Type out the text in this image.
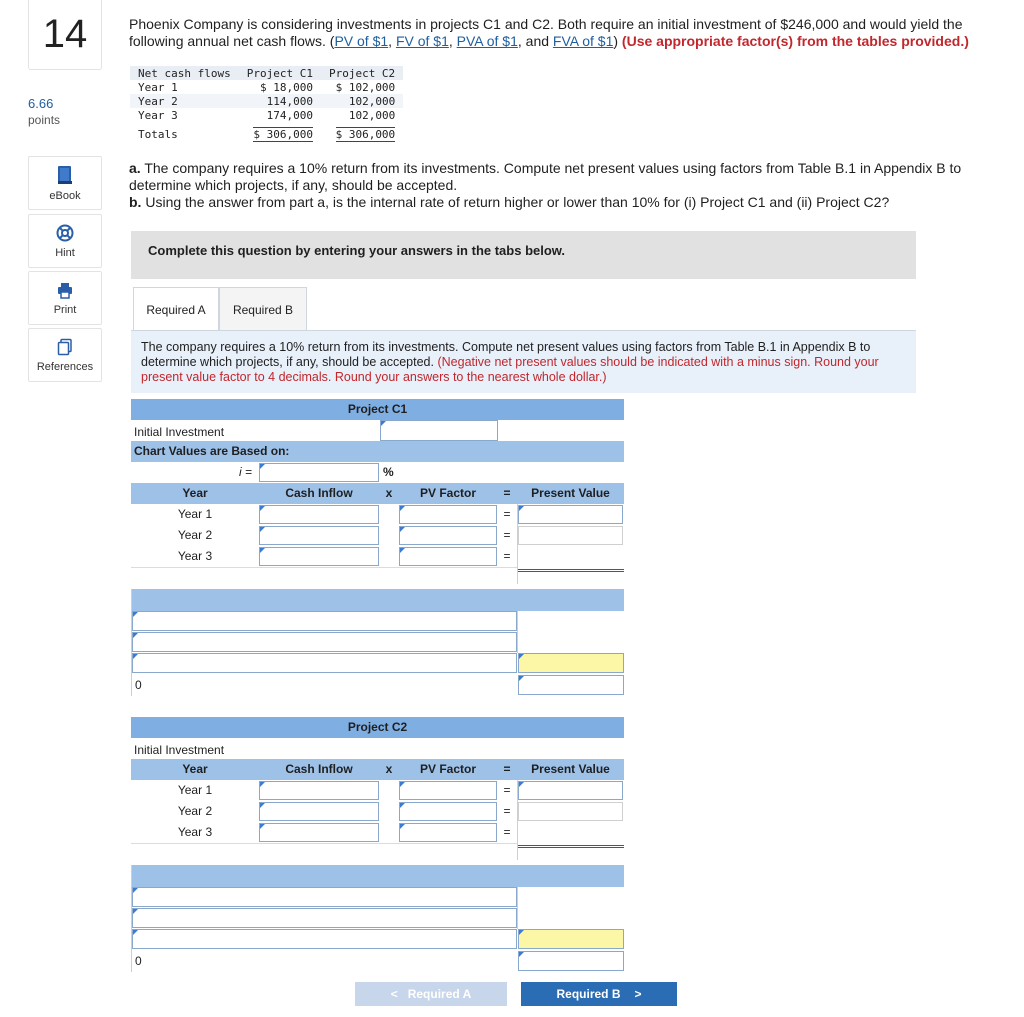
14
6.66
points
eBook
Hint
Print
References
Phoenix Company is considering investments in projects C1 and C2. Both require an initial investment of $246,000 and would yield the following annual net cash flows. (PV of $1, FV of $1, PVA of $1, and FVA of $1) (Use appropriate factor(s) from the tables provided.)
Net cash flows	Project C1	Project C2
Year 1	$ 18,000	$ 102,000
Year 2	114,000	102,000
Year 3	174,000	102,000
Totals	$ 306,000	$ 306,000
a. The company requires a 10% return from its investments. Compute net present values using factors from Table B.1 in Appendix B to determine which projects, if any, should be accepted.
b. Using the answer from part a, is the internal rate of return higher or lower than 10% for (i) Project C1 and (ii) Project C2?
Complete this question by entering your answers in the tabs below.
Required A	Required B
The company requires a 10% return from its investments. Compute net present values using factors from Table B.1 in Appendix B to determine which projects, if any, should be accepted. (Negative net present values should be indicated with a minus sign. Round your present value factor to 4 decimals. Round your answers to the nearest whole dollar.)
Project C1
Initial Investment
Chart Values are Based on:
i =	%
Year	Cash Inflow	x	PV Factor	=	Present Value
Year 1	=
Year 2	=
Year 3	=
0
Project C2
Initial Investment
Year	Cash Inflow	x	PV Factor	=	Present Value
Year 1	=
Year 2	=
Year 3	=
0
< Required A	Required B >
